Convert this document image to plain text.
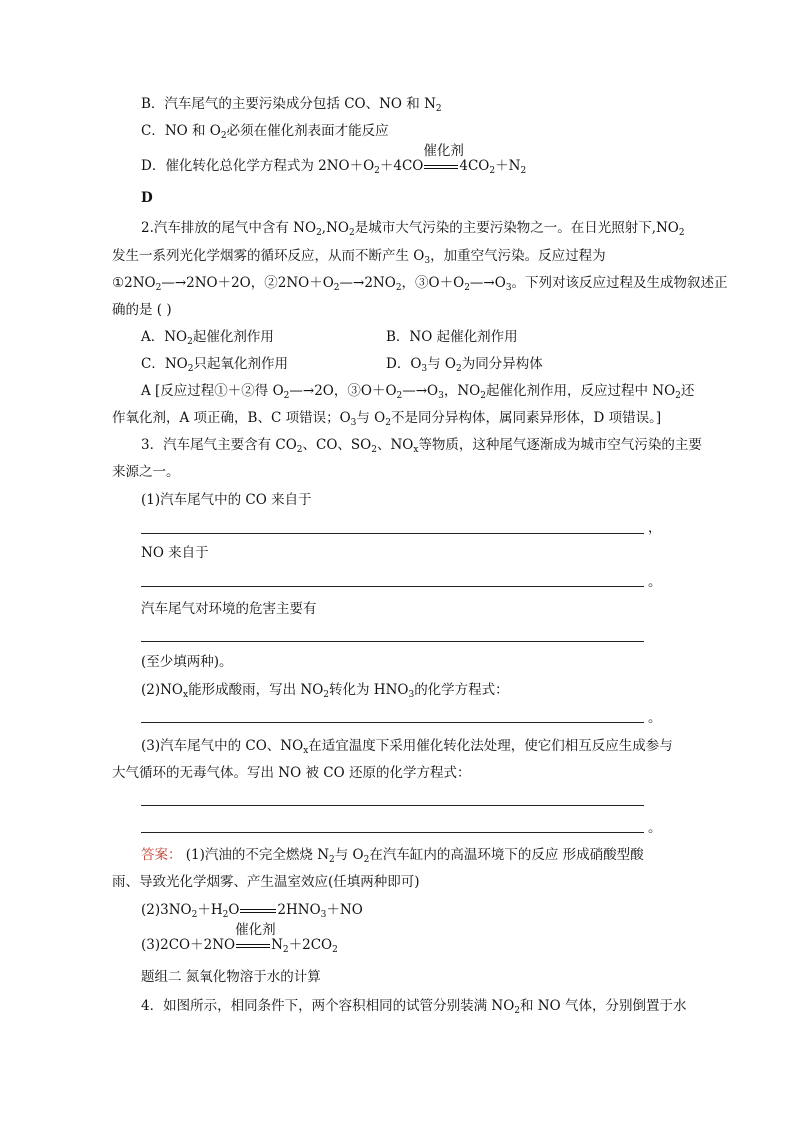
B．汽车尾气的主要污染成分包括 CO、NO 和 $N_2$
C．NO 和 $O_2$必须在催化剂表面才能反应
D．催化转化总化学方程式为 $2NO+O_2+4CO$
催化剂
$4CO_2+N_2$
D
2.汽车排放的尾气中含有 $NO_2,NO_2$是城市大气污染的主要污染物之一。在日光照射下$,NO_2$
发生一系列光化学烟雾的循环反应，从而不断产生 $O_3$，加重空气污染。反应过程为
$①2NO_2—\to 2NO+2O$，$②2NO+O_2—\to 2NO_2$，$③O+O_2—\to O_3$。下列对该反应过程及生成物叙述正
确的是 ( )
A．$NO_2$起催化剂作用	B．NO 起催化剂作用
C．$NO_2$只起氧化剂作用	D．$O_3$与 $O_2$为同分异构体
A [反应过程①＋②得 $O_2—\to 2O$，$③O+O_2—\to O_3$，$NO_2$起催化剂作用，反应过程中 $NO_2$还
作氧化剂，A 项正确，B、C 项错误；$O_3$与 $O_2$不是同分异构体，属同素异形体，D 项错误。]
3．汽车尾气主要含有 $CO_2$、CO、$SO_2$、$NO_x$等物质，这种尾气逐渐成为城市空气污染的主要
来源之一。
(1)汽车尾气中的 CO 来自于
，
NO 来自于
。
汽车尾气对环境的危害主要有
(至少填两种)。
$(2)NO_x$能形成酸雨，写出 $NO_2$转化为 $HNO_3$的化学方程式：
。
(3)汽车尾气中的 CO、$NO_x$在适宜温度下采用催化转化法处理，使它们相互反应生成参与
大气循环的无毒气体。写出 NO 被 CO 还原的化学方程式：
。
答案： (1)汽油的不完全燃烧 $N_2$与 $O_2$在汽车缸内的高温环境下的反应 形成硝酸型酸
雨、导致光化学烟雾、产生温室效应(任填两种即可)
$(2)3NO_2+H_2O$	$2HNO_3+NO$
(3)2CO＋2NO
催化剂
$N_2+2CO_2$
题组二 氮氧化物溶于水的计算
4．如图所示，相同条件下，两个容积相同的试管分别装满 $NO_2$和 NO 气体，分别倒置于水
